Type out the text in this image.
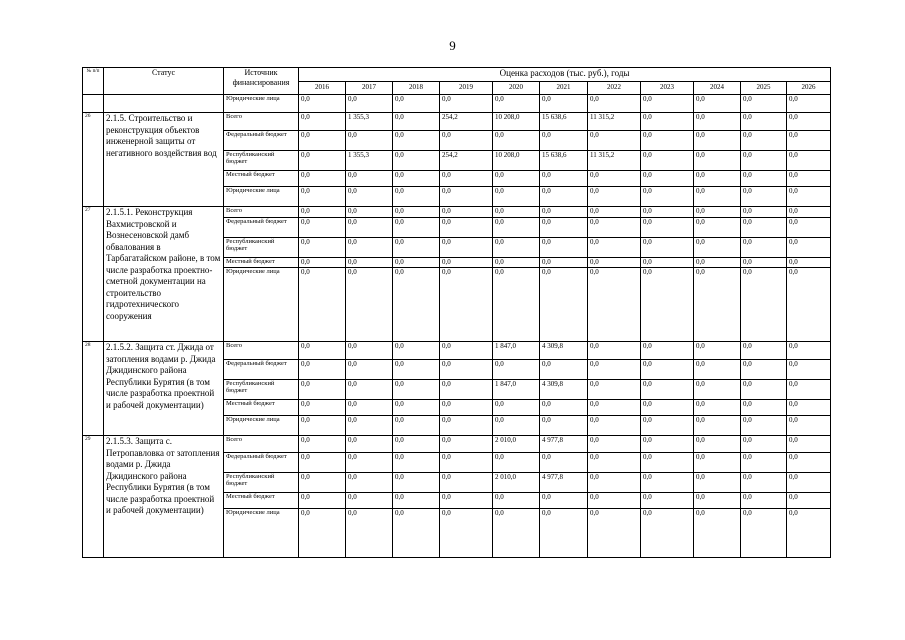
9
№ п/п	Статус	Источник финансирования	Оценка расходов (тыс. руб.), годы										
			2016	2017	2018	2019	2020	2021	2022	2023	2024	2025	2026
		Юридические лица	0,0	0,0	0,0	0,0	0,0	0,0	0,0	0,0	0,0	0,0	0,0
26	2.1.5. Строительство и реконструкция объектов инженерной защиты от негативного воздействия вод	Всего	0,0	1 355,3	0,0	254,2	10 208,0	15 638,6	11 315,2	0,0	0,0	0,0	0,0
		Федеральный бюджет	0,0	0,0	0,0	0,0	0,0	0,0	0,0	0,0	0,0	0,0	0,0
		Республиканский бюджет	0,0	1 355,3	0,0	254,2	10 208,0	15 638,6	11 315,2	0,0	0,0	0,0	0,0
		Местный бюджет	0,0	0,0	0,0	0,0	0,0	0,0	0,0	0,0	0,0	0,0	0,0
		Юридические лица	0,0	0,0	0,0	0,0	0,0	0,0	0,0	0,0	0,0	0,0	0,0
27	2.1.5.1. Реконструкция Вахмистровской и Вознесеновской дамб обвалования в Тарбагатайском районе, в том числе разработка проектно-сметной документации на строительство гидротехнического сооружения	Всего	0,0	0,0	0,0	0,0	0,0	0,0	0,0	0,0	0,0	0,0	0,0
		Федеральный бюджет	0,0	0,0	0,0	0,0	0,0	0,0	0,0	0,0	0,0	0,0	0,0
		Республиканский бюджет	0,0	0,0	0,0	0,0	0,0	0,0	0,0	0,0	0,0	0,0	0,0
		Местный бюджет	0,0	0,0	0,0	0,0	0,0	0,0	0,0	0,0	0,0	0,0	0,0
		Юридические лица	0,0	0,0	0,0	0,0	0,0	0,0	0,0	0,0	0,0	0,0	0,0
28	2.1.5.2. Защита ст. Джида от затопления водами р. Джида Джидинского района Республики Бурятия (в том числе разработка проектной и рабочей документации)	Всего	0,0	0,0	0,0	0,0	1 847,0	4 309,8	0,0	0,0	0,0	0,0	0,0
		Федеральный бюджет	0,0	0,0	0,0	0,0	0,0	0,0	0,0	0,0	0,0	0,0	0,0
		Республиканский бюджет	0,0	0,0	0,0	0,0	1 847,0	4 309,8	0,0	0,0	0,0	0,0	0,0
		Местный бюджет	0,0	0,0	0,0	0,0	0,0	0,0	0,0	0,0	0,0	0,0	0,0
		Юридические лица	0,0	0,0	0,0	0,0	0,0	0,0	0,0	0,0	0,0	0,0	0,0
29	2.1.5.3. Защита с. Петропавловка от затопления водами р. Джида Джидинского района Республики Бурятия (в том числе разработка проектной и рабочей документации)	Всего	0,0	0,0	0,0	0,0	2 010,0	4 977,8	0,0	0,0	0,0	0,0	0,0
		Федеральный бюджет	0,0	0,0	0,0	0,0	0,0	0,0	0,0	0,0	0,0	0,0	0,0
		Республиканский бюджет	0,0	0,0	0,0	0,0	2 010,0	4 977,8	0,0	0,0	0,0	0,0	0,0
		Местный бюджет	0,0	0,0	0,0	0,0	0,0	0,0	0,0	0,0	0,0	0,0	0,0
		Юридические лица	0,0	0,0	0,0	0,0	0,0	0,0	0,0	0,0	0,0	0,0	0,0
